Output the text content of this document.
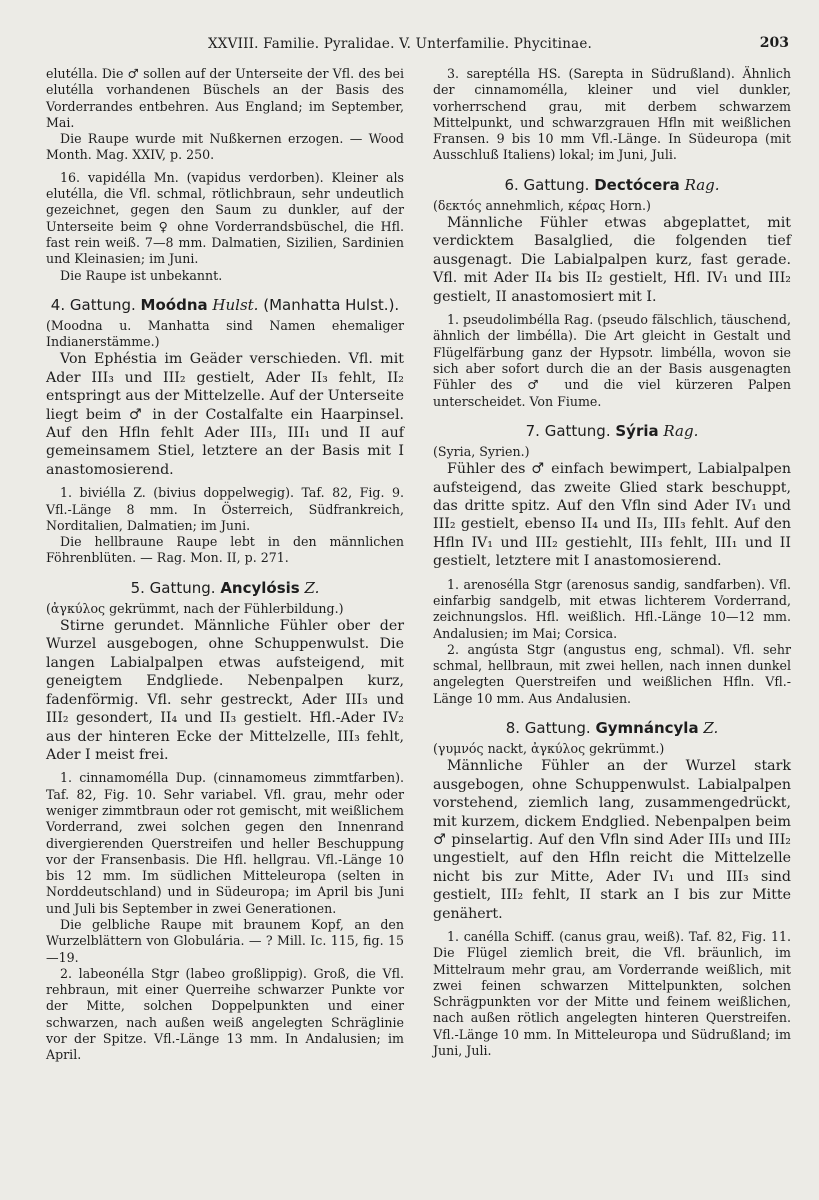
XXVIII. Familie. Pyralidae. V. Unterfamilie. Phycitinae.	203

elutélla. Die ♂ sollen auf der Unterseite der Vfl. des bei elutélla vorhandenen Büschels an der Basis des Vorderrandes entbehren. Aus England; im September, Mai.

Die Raupe wurde mit Nußkernen erzogen. — Wood Month. Mag. XXIV, p. 250.

16. vapidélla Mn. (vapidus verdorben). Kleiner als elutélla, die Vfl. schmal, rötlichbraun, sehr undeutlich gezeichnet, gegen den Saum zu dunkler, auf der Unterseite beim ♀ ohne Vorderrandsbüschel, die Hfl. fast rein weiß. 7—8 mm. Dalmatien, Sizilien, Sardinien und Kleinasien; im Juni.

Die Raupe ist unbekannt.

4. Gattung. Moódna Hulst. (Manhatta Hulst.).

(Moodna u. Manhatta sind Namen ehemaliger Indianerstämme.)

Von Ephéstia im Geäder verschieden. Vfl. mit Ader III₃ und III₂ gestielt, Ader II₃ fehlt, II₂ entspringt aus der Mittelzelle. Auf der Unterseite liegt beim ♂ in der Costalfalte ein Haarpinsel. Auf den Hfln fehlt Ader III₃, III₁ und II auf gemeinsamem Stiel, letztere an der Basis mit I anastomosierend.

1. biviélla Z. (bivius doppelwegig). Taf. 82, Fig. 9. Vfl.-Länge 8 mm. In Österreich, Südfrankreich, Norditalien, Dalmatien; im Juni.

Die hellbraune Raupe lebt in den männlichen Föhrenblüten. — Rag. Mon. II, p. 271.

5. Gattung. Ancylósis Z.

(ἀγκύλος gekrümmt, nach der Fühlerbildung.)

Stirne gerundet. Männliche Fühler ober der Wurzel ausgebogen, ohne Schuppenwulst. Die langen Labialpalpen etwas aufsteigend, mit geneigtem Endgliede. Nebenpalpen kurz, fadenförmig. Vfl. sehr gestreckt, Ader III₃ und III₂ gesondert, II₄ und II₃ gestielt. Hfl.-Ader IV₂ aus der hinteren Ecke der Mittelzelle, III₃ fehlt, Ader I meist frei.

1. cinnamomélla Dup. (cinnamomeus zimmtfarben). Taf. 82, Fig. 10. Sehr variabel. Vfl. grau, mehr oder weniger zimmtbraun oder rot gemischt, mit weißlichem Vorderrand, zwei solchen gegen den Innenrand divergierenden Querstreifen und heller Beschuppung vor der Fransenbasis. Die Hfl. hellgrau. Vfl.-Länge 10 bis 12 mm. Im südlichen Mitteleuropa (selten in Norddeutschland) und in Südeuropa; im April bis Juni und Juli bis September in zwei Generationen.

Die gelbliche Raupe mit braunem Kopf, an den Wurzelblättern von Globulária. — ? Mill. Ic. 115, fig. 15—19.

2. labeonélla Stgr (labeo großlippig). Groß, die Vfl. rehbraun, mit einer Querreihe schwarzer Punkte vor der Mitte, solchen Doppelpunkten und einer schwarzen, nach außen weiß angelegten Schräglinie vor der Spitze. Vfl.-Länge 13 mm. In Andalusien; im April.

3. sareptélla HS. (Sarepta in Südrußland). Ähnlich der cinnamomélla, kleiner und viel dunkler, vorherrschend grau, mit derbem schwarzem Mittelpunkt, und schwarzgrauen Hfln mit weißlichen Fransen. 9 bis 10 mm Vfl.-Länge. In Südeuropa (mit Ausschluß Italiens) lokal; im Juni, Juli.

6. Gattung. Dectócera Rag.

(δεκτός annehmlich, κέρας Horn.)

Männliche Fühler etwas abgeplattet, mit verdicktem Basalglied, die folgenden tief ausgenagt. Die Labialpalpen kurz, fast gerade. Vfl. mit Ader II₄ bis II₂ gestielt, Hfl. IV₁ und III₂ gestielt, II anastomosiert mit I.

1. pseudolimbélla Rag. (pseudo fälschlich, täuschend, ähnlich der limbélla). Die Art gleicht in Gestalt und Flügelfärbung ganz der Hypsotr. limbélla, wovon sie sich aber sofort durch die an der Basis ausgenagten Fühler des ♂ und die viel kürzeren Palpen unterscheidet. Von Fiume.

7. Gattung. Sýria Rag.

(Syria, Syrien.)

Fühler des ♂ einfach bewimpert, Labialpalpen aufsteigend, das zweite Glied stark beschuppt, das dritte spitz. Auf den Vfln sind Ader IV₁ und III₂ gestielt, ebenso II₄ und II₃, III₃ fehlt. Auf den Hfln IV₁ und III₂ gestiehlt, III₃ fehlt, III₁ und II gestielt, letztere mit I anastomosierend.

1. arenosélla Stgr (arenosus sandig, sandfarben). Vfl. einfarbig sandgelb, mit etwas lichterem Vorderrand, zeichnungslos. Hfl. weißlich. Hfl.-Länge 10—12 mm. Andalusien; im Mai; Corsica.

2. angústa Stgr (angustus eng, schmal). Vfl. sehr schmal, hellbraun, mit zwei hellen, nach innen dunkel angelegten Querstreifen und weißlichen Hfln. Vfl.-Länge 10 mm. Aus Andalusien.

8. Gattung. Gymnáncyla Z.

(γυμνός nackt, ἀγκύλος gekrümmt.)

Männliche Fühler an der Wurzel stark ausgebogen, ohne Schuppenwulst. Labialpalpen vorstehend, ziemlich lang, zusammengedrückt, mit kurzem, dickem Endglied. Nebenpalpen beim ♂ pinselartig. Auf den Vfln sind Ader III₃ und III₂ ungestielt, auf den Hfln reicht die Mittelzelle nicht bis zur Mitte, Ader IV₁ und III₃ sind gestielt, III₂ fehlt, II stark an I bis zur Mitte genähert.

1. canélla Schiff. (canus grau, weiß). Taf. 82, Fig. 11. Die Flügel ziemlich breit, die Vfl. bräunlich, im Mittelraum mehr grau, am Vorderrande weißlich, mit zwei feinen schwarzen Mittelpunkten, solchen Schrägpunkten vor der Mitte und feinem weißlichen, nach außen rötlich angelegten hinteren Querstreifen. Vfl.-Länge 10 mm. In Mitteleuropa und Südrußland; im Juni, Juli.
